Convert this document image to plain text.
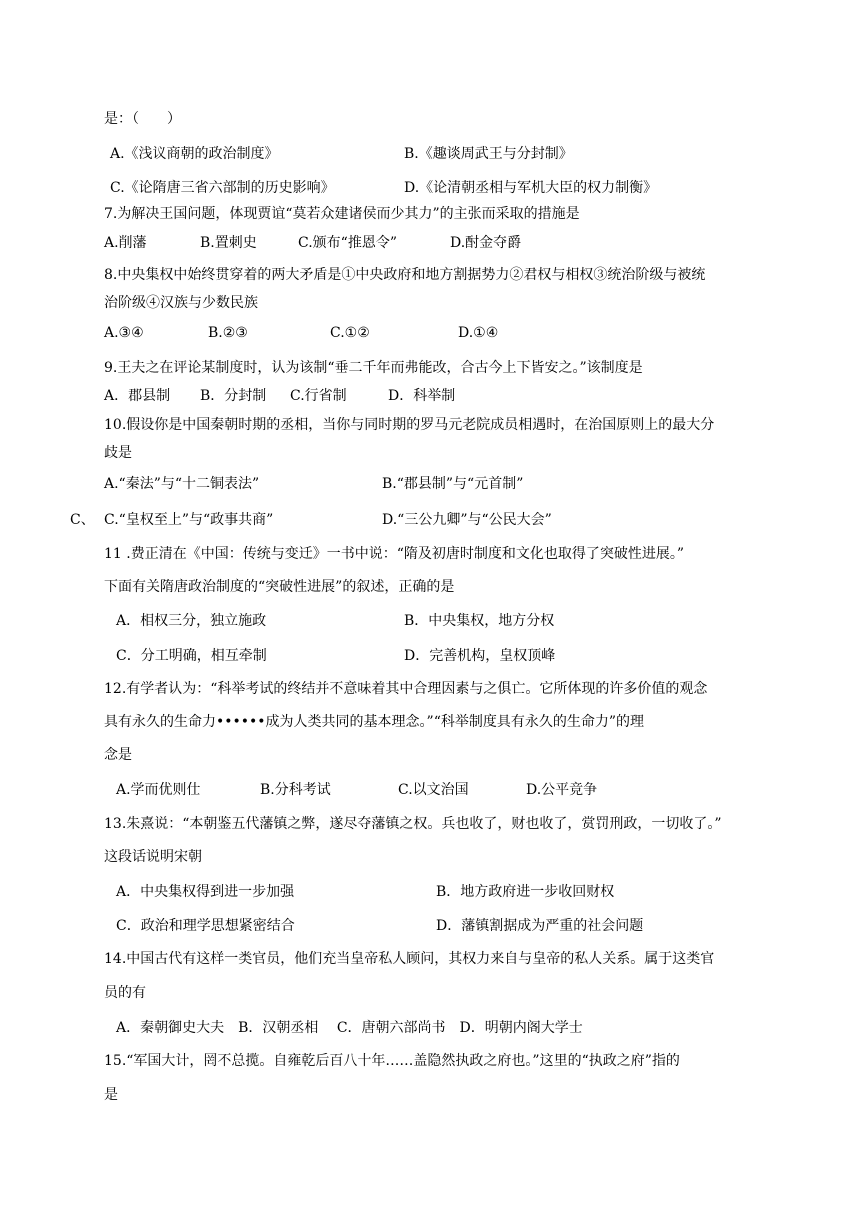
是：（　　）
A.《浅议商朝的政治制度》	B.《趣谈周武王与分封制》
C.《论隋唐三省六部制的历史影响》	D.《论清朝丞相与军机大臣的权力制衡》
7.为解决王国问题，体现贾谊“莫若众建诸侯而少其力”的主张而采取的措施是
A.削藩	B.置刺史	C.颁布“推恩令”	D.酎金夺爵
8.中央集权中始终贯穿着的两大矛盾是①中央政府和地方割据势力②君权与相权③统治阶级与被统
治阶级④汉族与少数民族
A.③④	B.②③	C.①②	D.①④
9.王夫之在评论某制度时，认为该制“垂二千年而弗能改，合古今上下皆安之。”该制度是
A．郡县制 B．分封制 C.行省制	D．科举制
10.假设你是中国秦朝时期的丞相，当你与同时期的罗马元老院成员相遇时，在治国原则上的最大分
歧是
A.“秦法”与“十二铜表法”	B.“郡县制”与“元首制”
C、 C.“皇权至上”与“政事共商”	D.“三公九卿”与“公民大会”
11 .费正清在《中国：传统与变迁》一书中说：“隋及初唐时制度和文化也取得了突破性进展。”
下面有关隋唐政治制度的“突破性进展”的叙述，正确的是
A．相权三分，独立施政	B．中央集权，地方分权
C．分工明确，相互牵制	D．完善机构，皇权顶峰
12.有学者认为：“科举考试的终结并不意味着其中合理因素与之俱亡。它所体现的许多价值的观念
具有永久的生命力••••••成为人类共同的基本理念。”“科举制度具有永久的生命力”的理
念是
A.学而优则仕	B.分科考试	C.以文治国	D.公平竞争
13.朱熹说：“本朝鉴五代藩镇之弊，遂尽夺藩镇之权。兵也收了，财也收了，赏罚刑政，一切收了。”
这段话说明宋朝
A．中央集权得到进一步加强	B．地方政府进一步收回财权
C．政治和理学思想紧密结合	D．藩镇割据成为严重的社会问题
14.中国古代有这样一类官员，他们充当皇帝私人顾问，其权力来自与皇帝的私人关系。属于这类官
员的有
A．秦朝御史大夫　B．汉朝丞相　 C．唐朝六部尚书　D．明朝内阁大学士
15.“军国大计，罔不总揽。自雍乾后百八十年……盖隐然执政之府也。”这里的“执政之府”指的
是
